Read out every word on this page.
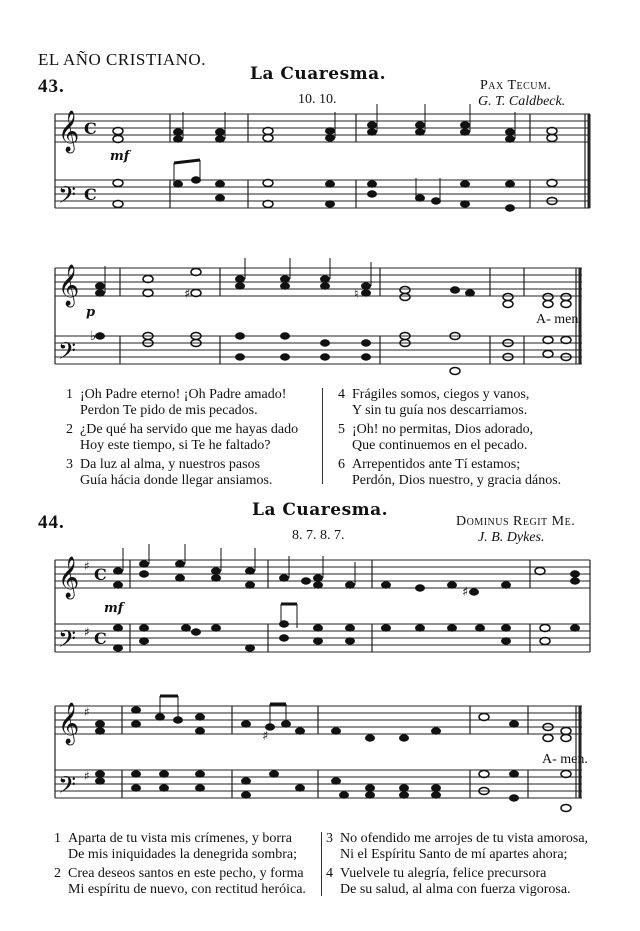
EL AÑO CRISTIANO.
43.
La Cuaresma.
10. 10.
Pax Tecum.
G. T. Caldbeck.
𝄞
𝄢
C
C
𝄞
𝄢
mf
p
♯	♮
♭
A- men.
1 ¡Oh Padre eterno! ¡Oh Padre amado!
Perdon Te pido de mis pecados.
2 ¿De qué ha servido que me hayas dado
Hoy este tiempo, si Te he faltado?
3 Da luz al alma, y nuestros pasos
Guía hácia donde llegar ansiamos.
4 Frágiles somos, ciegos y vanos,
Y sin tu guía nos descarriamos.
5 ¡Oh! no permitas, Dios adorado,
Que continuemos en el pecado.
6 Arrepentidos ante Tí estamos;
Perdón, Dios nuestro, y gracia dános.
44.
La Cuaresma.
8. 7. 8. 7.
Dominus Regit Me.
J. B. Dykes.
𝄞
𝄢
♯
♯
C
C
𝄞
𝄢
♯
♯
mf
♯
♯
A- men.
1 Aparta de tu vista mis crímenes, y borra
De mis iniquidades la denegrida sombra;
2 Crea deseos santos en este pecho, y forma
Mi espíritu de nuevo, con rectitud heróica.
3 No ofendido me arrojes de tu vista amorosa,
Ni el Espíritu Santo de mí apartes ahora;
4 Vuelvele tu alegría, felice precursora
De su salud, al alma con fuerza vigorosa.
